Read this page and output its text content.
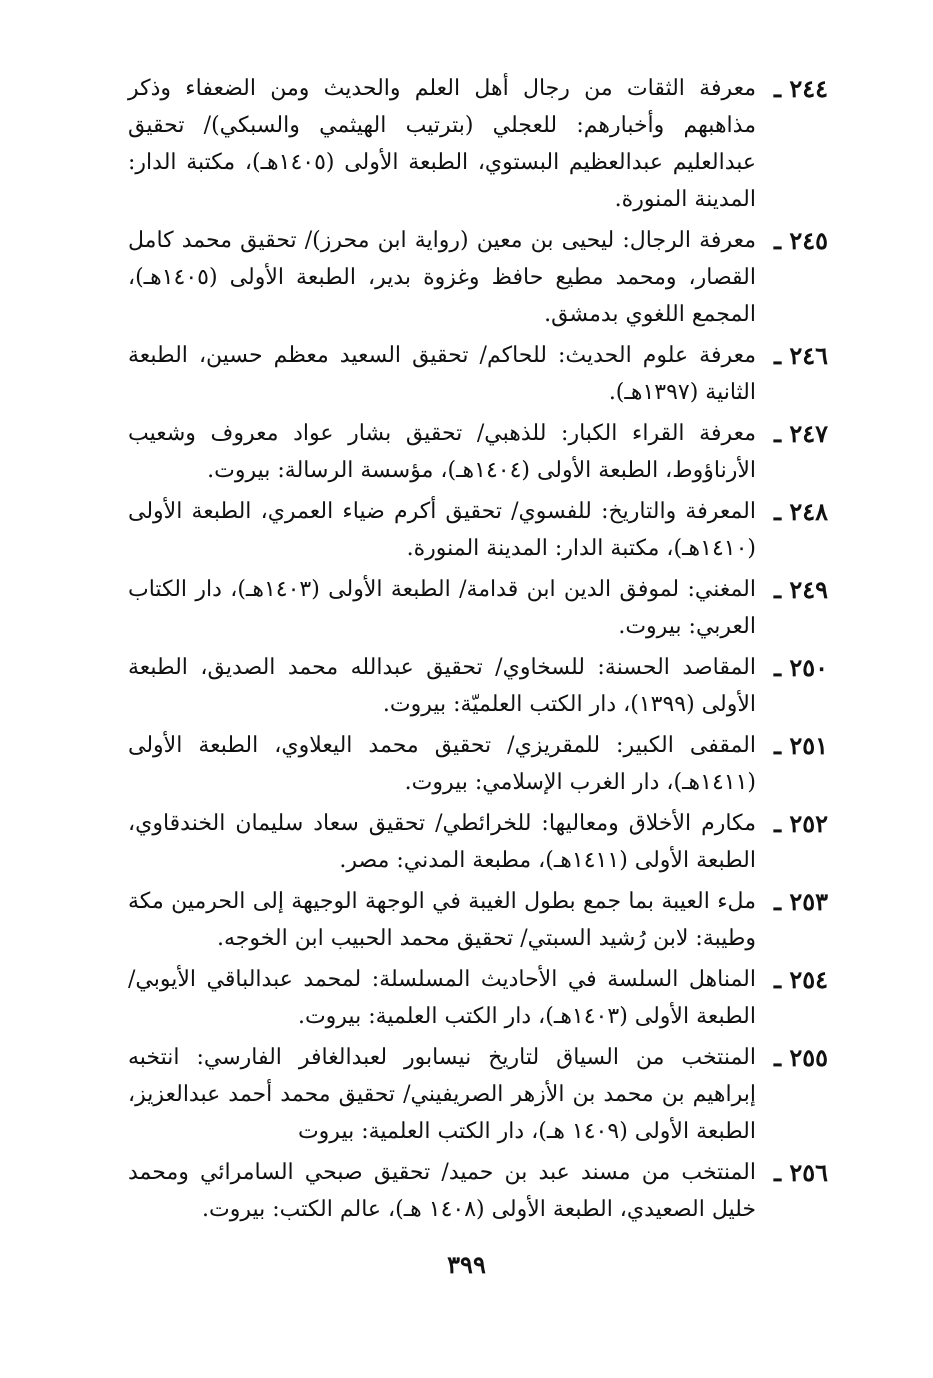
٢٤٤ ـ
معرفة الثقات من رجال أهل العلم والحديث ومن الضعفاء وذكر مذاهبهم وأخبارهم: للعجلي (بترتيب الهيثمي والسبكي)/ تحقيق عبدالعليم عبدالعظيم البستوي، الطبعة الأولى (١٤٠٥هـ)، مكتبة الدار: المدينة المنورة.
٢٤٥ ـ
معرفة الرجال: ليحيى بن معين (رواية ابن محرز)/ تحقيق محمد كامل القصار، ومحمد مطيع حافظ وغزوة بدير، الطبعة الأولى (١٤٠٥هـ)، المجمع اللغوي بدمشق.
٢٤٦ ـ
معرفة علوم الحديث: للحاكم/ تحقيق السعيد معظم حسين، الطبعة الثانية (١٣٩٧هـ).
٢٤٧ ـ
معرفة القراء الكبار: للذهبي/ تحقيق بشار عواد معروف وشعيب الأرناؤوط، الطبعة الأولى (١٤٠٤هـ)، مؤسسة الرسالة: بيروت.
٢٤٨ ـ
المعرفة والتاريخ: للفسوي/ تحقيق أكرم ضياء العمري، الطبعة الأولى (١٤١٠هـ)، مكتبة الدار: المدينة المنورة.
٢٤٩ ـ
المغني: لموفق الدين ابن قدامة/ الطبعة الأولى (١٤٠٣هـ)، دار الكتاب العربي: بيروت.
٢٥٠ ـ
المقاصد الحسنة: للسخاوي/ تحقيق عبدالله محمد الصديق، الطبعة الأولى (١٣٩٩)، دار الكتب العلميّة: بيروت.
٢٥١ ـ
المقفى الكبير: للمقريزي/ تحقيق محمد اليعلاوي، الطبعة الأولى (١٤١١هـ)، دار الغرب الإسلامي: بيروت.
٢٥٢ ـ
مكارم الأخلاق ومعاليها: للخرائطي/ تحقيق سعاد سليمان الخندقاوي، الطبعة الأولى (١٤١١هـ)، مطبعة المدني: مصر.
٢٥٣ ـ
ملء العيبة بما جمع بطول الغيبة في الوجهة الوجيهة إلى الحرمين مكة وطيبة: لابن رُشيد السبتي/ تحقيق محمد الحبيب ابن الخوجه.
٢٥٤ ـ
المناهل السلسة في الأحاديث المسلسلة: لمحمد عبدالباقي الأيوبي/ الطبعة الأولى (١٤٠٣هـ)، دار الكتب العلمية: بيروت.
٢٥٥ ـ
المنتخب من السياق لتاريخ نيسابور لعبدالغافر الفارسي: انتخبه إبراهيم بن محمد بن الأزهر الصريفيني/ تحقيق محمد أحمد عبدالعزيز، الطبعة الأولى (١٤٠٩ هـ)، دار الكتب العلمية: بيروت
٢٥٦ ـ
المنتخب من مسند عبد بن حميد/ تحقيق صبحي السامرائي ومحمد خليل الصعيدي، الطبعة الأولى (١٤٠٨ هـ)، عالم الكتب: بيروت.
٣٩٩
